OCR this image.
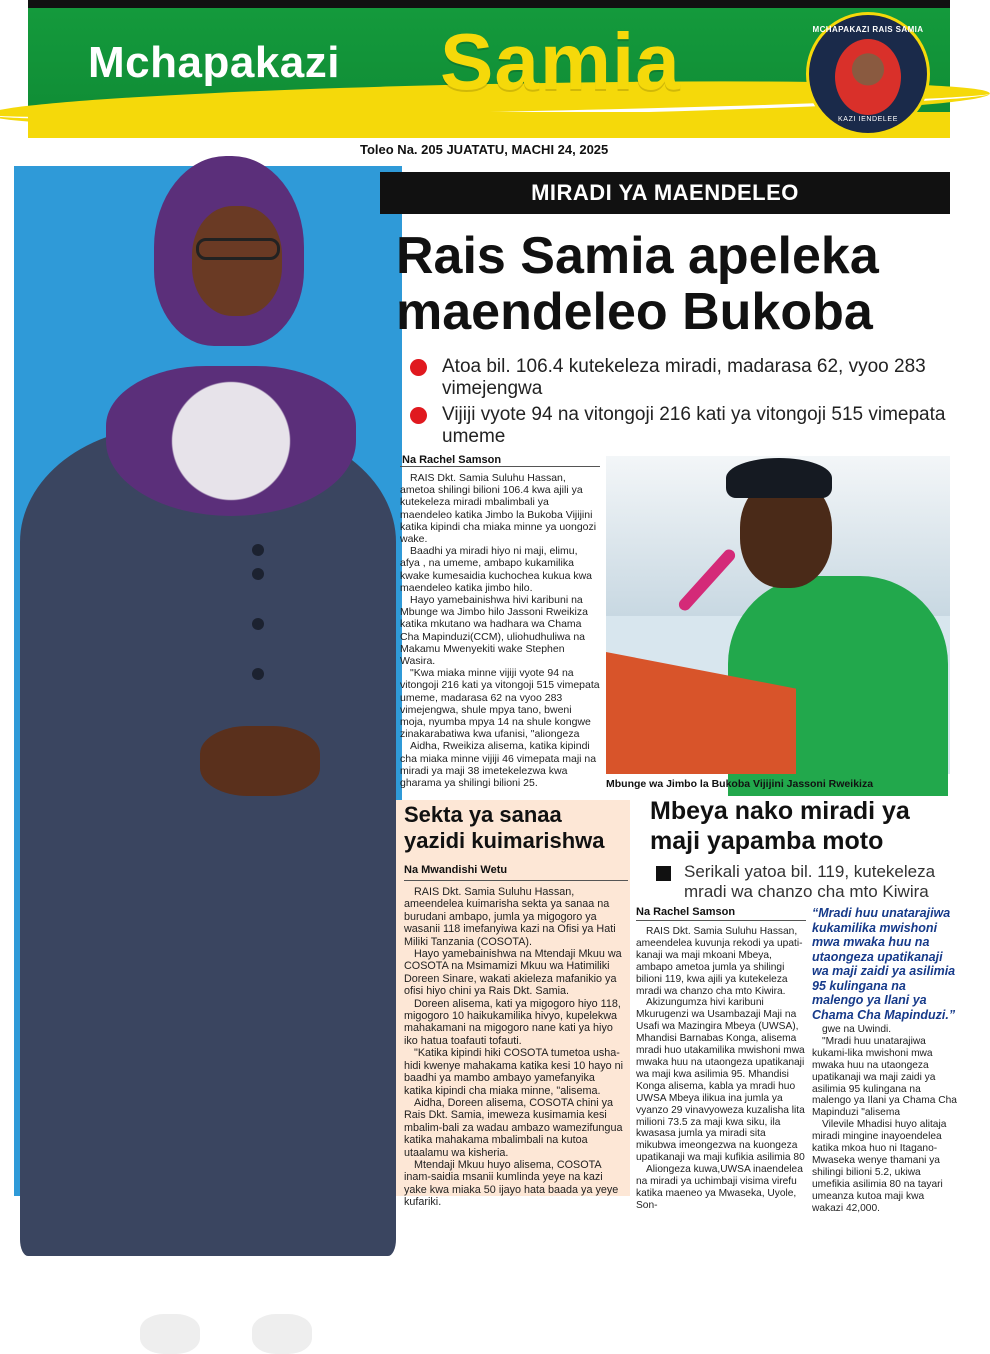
Mchapakazi Samia	MCHAPAKAZI RAIS SAMIA
KAZI IENDELEE
Toleo Na. 205 JUATATU, MACHI 24, 2025
MIRADI YA MAENDELEO
Rais Samia apeleka maendeleo Bukoba
Atoa bil. 106.4 kutekeleza miradi, madarasa 62, vyoo 283 vimejengwa
Vijiji vyote 94 na vitongoji 216 kati ya vitongoji 515 vimepata umeme
Na Rachel Samson

RAIS Dkt. Samia Suluhu Hassan, ametoa shilingi bilioni 106.4 kwa ajili ya kutekeleza miradi mbalimbali ya maendeleo katika Jimbo la Bukoba Vijijini katika kipindi cha miaka minne ya uongozi wake.

Baadhi ya miradi hiyo ni maji, elimu, afya , na umeme, ambapo kukamilika kwake kumesaidia kuchochea kukua kwa maendeleo katika jimbo hilo.

Hayo yamebainishwa hivi karibuni na Mbunge wa Jimbo hilo Jassoni Rweikiza katika mkutano wa hadhara wa Chama Cha Mapinduzi(CCM), uliohudhuliwa na Makamu Mwenyekiti wake Stephen Wasira.

"Kwa miaka minne vijiji vyote 94 na vitongoji 216 kati ya vitongoji 515 vimepata umeme, madarasa 62 na vyoo 283 vimejengwa, shule mpya tano, bweni moja, nyumba mpya 14 na shule kongwe zinakarabatiwa kwa ufanisi, "aliongeza

Aidha, Rweikiza alisema, katika kipindi cha miaka minne vijiji 46 vimepata maji na miradi ya maji 38 imetekelezwa kwa gharama ya shilingi bilioni 25.	Mbunge wa Jimbo la Bukoba Vijijini Jassoni Rweikiza
Sekta ya sanaa yazidi kuimarishwa
Na Mwandishi Wetu

RAIS Dkt. Samia Suluhu Hassan, ameendelea kuimarisha sekta ya sanaa na burudani ambapo, jumla ya migogoro ya wasanii 118 imefanyiwa kazi na Ofisi ya Hati Miliki Tanzania (COSOTA).

Hayo yamebainishwa na Mtendaji Mkuu wa COSOTA na Msimamizi Mkuu wa Hatimiliki Doreen Sinare, wakati akieleza mafanikio ya ofisi hiyo chini ya Rais Dkt. Samia.

Doreen alisema, kati ya migogoro hiyo 118, migogoro 10 haikukamilika hivyo, kupelekwa mahakamani na migogoro nane kati ya hiyo iko hatua toafauti tofauti.

"Katika kipindi hiki COSOTA tumetoa usha-hidi kwenye mahakama katika kesi 10 hayo ni baadhi ya mambo ambayo yamefanyika katika kipindi cha miaka minne, "alisema.

Aidha, Doreen alisema, COSOTA chini ya Rais Dkt. Samia, imeweza kusimamia kesi mbalim-bali za wadau ambazo wamezifungua katika mahakama mbalimbali na kutoa utaalamu wa kisheria.

Mtendaji Mkuu huyo alisema, COSOTA inam-saidia msanii kumlinda yeye na kazi yake kwa miaka 50 ijayo hata baada ya yeye kufariki.

Mbeya nako miradi ya maji yapamba moto
Serikali yatoa bil. 119, kutekeleza mradi wa chanzo cha mto Kiwira
Na Rachel Samson

RAIS Dkt. Samia Suluhu Hassan, ameendelea kuvunja rekodi ya upati-kanaji wa maji mkoani Mbeya, ambapo ametoa jumla ya shilingi bilioni 119, kwa ajili ya kutekeleza mradi wa chanzo cha mto Kiwira.

Akizungumza hivi karibuni Mkurugenzi wa Usambazaji Maji na Usafi wa Mazingira Mbeya (UWSA), Mhandisi Barnabas Konga, alisema mradi huo utakamilika mwishoni mwa mwaka huu na utaongeza upatikanaji wa maji kwa asilimia 95. Mhandisi Konga alisema, kabla ya mradi huo UWSA Mbeya ilikua ina jumla ya vyanzo 29 vinavyoweza kuzalisha lita milioni 73.5 za maji kwa siku, ila kwasasa jumla ya miradi sita mikubwa imeongezwa na kuongeza upatikanaji wa maji kufikia asilimia 80

Aliongeza kuwa,UWSA inaendelea na miradi ya uchimbaji visima virefu katika maeneo ya Mwaseka, Uyole, Son-

“Mradi huu unatarajiwa kukamilika mwishoni mwa mwaka huu na utaongeza upatikanaji wa maji zaidi ya asilimia 95 kulingana na malengo ya Ilani ya Chama Cha Mapinduzi.”

gwe na Uwindi.

"Mradi huu unatarajiwa kukami-lika mwishoni mwa mwaka huu na utaongeza upatikanaji wa maji zaidi ya asilimia 95 kulingana na malengo ya Ilani ya Chama Cha Mapinduzi "alisema

Vilevile Mhadisi huyo alitaja miradi mingine inayoendelea katika mkoa huo ni Itagano- Mwaseka wenye thamani ya shilingi bilioni 5.2, ukiwa umefikia asilimia 80 na tayari umeanza kutoa maji kwa wakazi 42,000.
